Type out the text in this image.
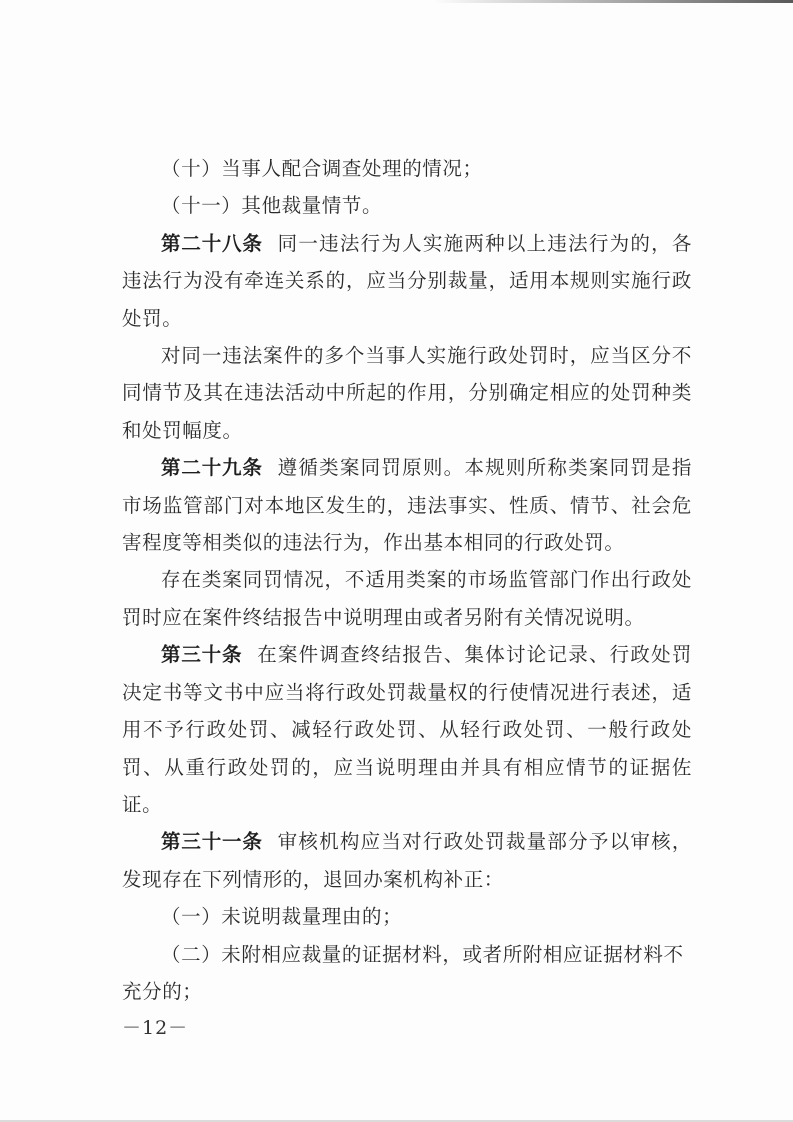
（十）当事人配合调查处理的情况；

（十一）其他裁量情节。

第二十八条 同一违法行为人实施两种以上违法行为的，各违法行为没有牵连关系的，应当分别裁量，适用本规则实施行政处罚。

对同一违法案件的多个当事人实施行政处罚时，应当区分不同情节及其在违法活动中所起的作用，分别确定相应的处罚种类和处罚幅度。

第二十九条 遵循类案同罚原则。本规则所称类案同罚是指市场监管部门对本地区发生的，违法事实、性质、情节、社会危害程度等相类似的违法行为，作出基本相同的行政处罚。

存在类案同罚情况，不适用类案的市场监管部门作出行政处罚时应在案件终结报告中说明理由或者另附有关情况说明。

第三十条 在案件调查终结报告、集体讨论记录、行政处罚决定书等文书中应当将行政处罚裁量权的行使情况进行表述，适用不予行政处罚、减轻行政处罚、从轻行政处罚、一般行政处罚、从重行政处罚的，应当说明理由并具有相应情节的证据佐证。

第三十一条 审核机构应当对行政处罚裁量部分予以审核，发现存在下列情形的，退回办案机构补正：

（一）未说明裁量理由的；

（二）未附相应裁量的证据材料，或者所附相应证据材料不充分的；

－12－
